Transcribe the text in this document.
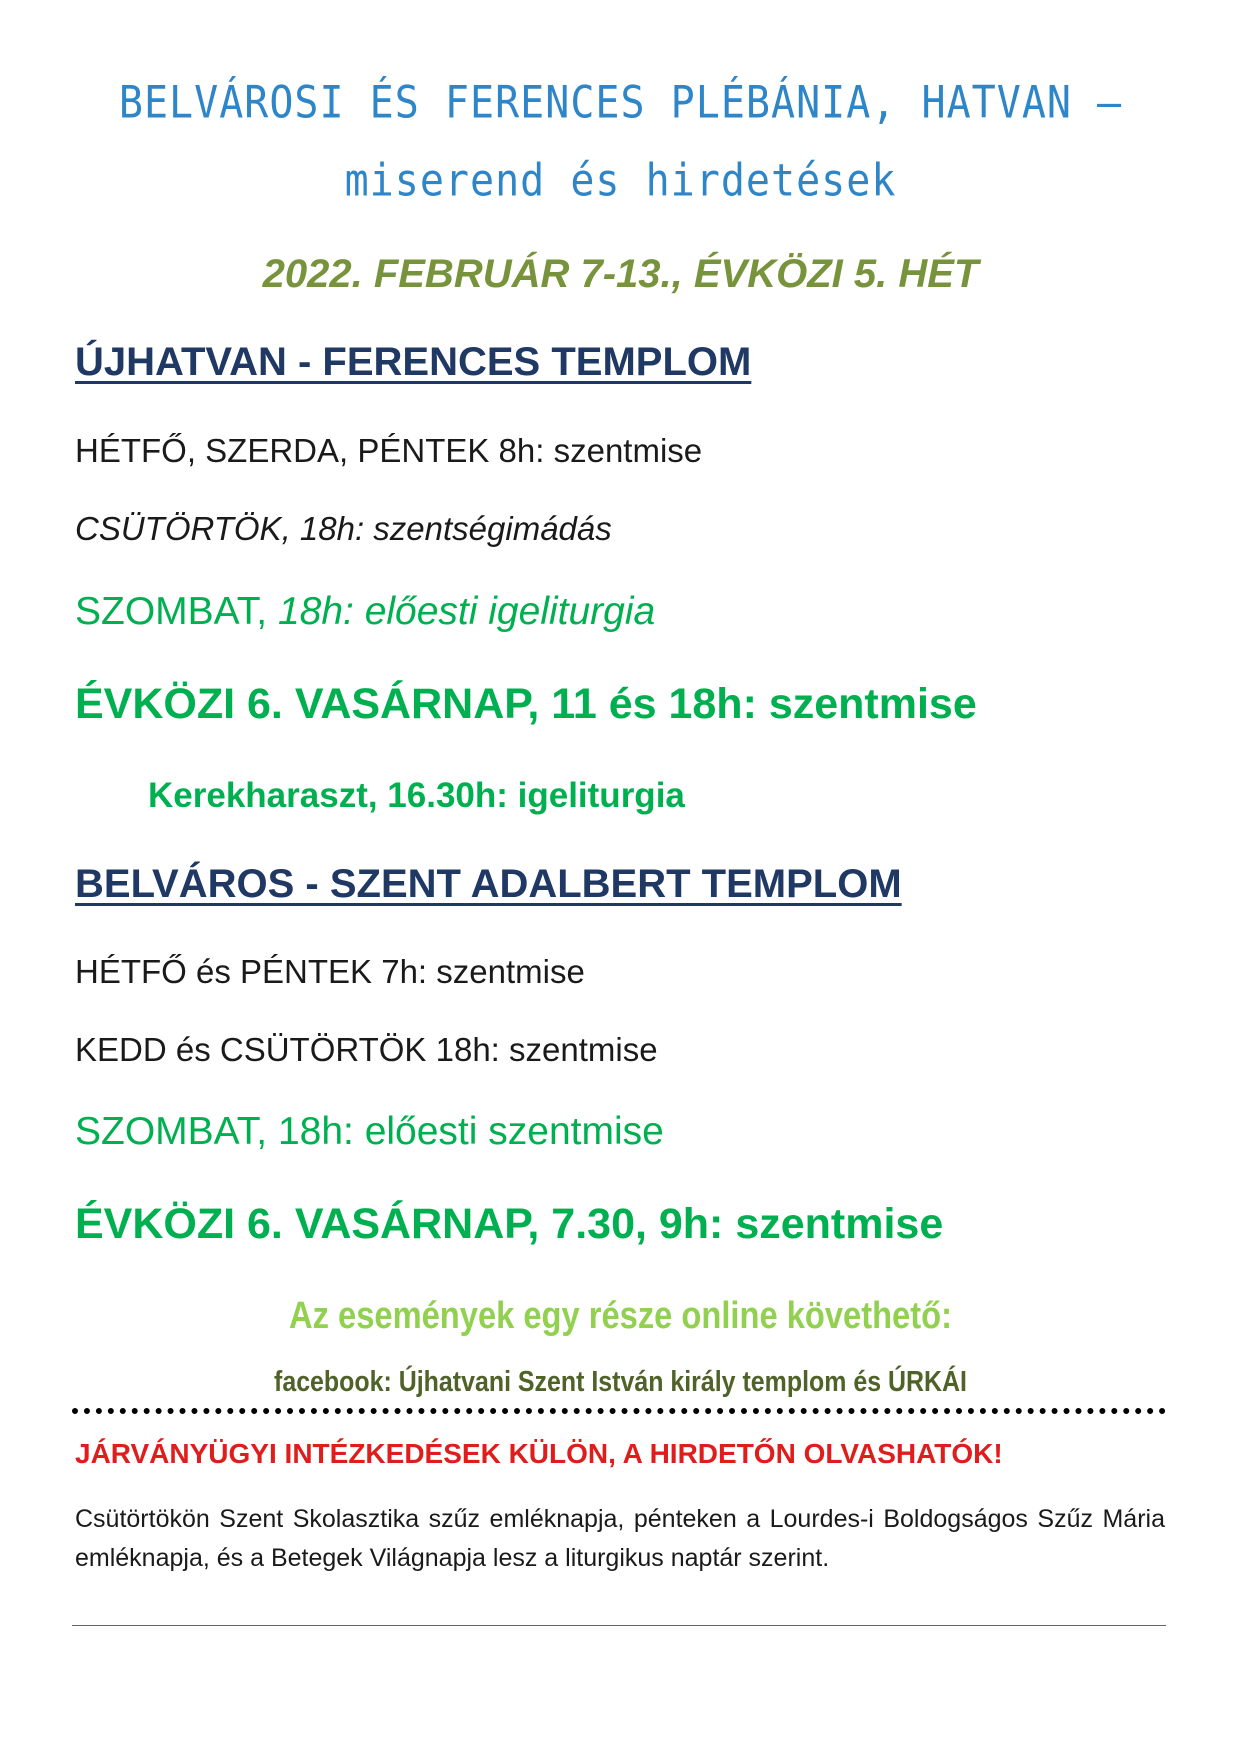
BELVÁROSI ÉS FERENCES PLÉBÁNIA, HATVAN –
miserend és hirdetések
2022. FEBRUÁR 7-13., ÉVKÖZI 5. HÉT
ÚJHATVAN - FERENCES TEMPLOM
HÉTFŐ, SZERDA, PÉNTEK 8h: szentmise
CSÜTÖRTÖK, 18h: szentségimádás
SZOMBAT, 18h: előesti igeliturgia
ÉVKÖZI 6. VASÁRNAP, 11 és 18h: szentmise
Kerekharaszt, 16.30h: igeliturgia
BELVÁROS - SZENT ADALBERT TEMPLOM
HÉTFŐ és PÉNTEK 7h: szentmise
KEDD és CSÜTÖRTÖK 18h: szentmise
SZOMBAT, 18h: előesti szentmise
ÉVKÖZI 6. VASÁRNAP, 7.30, 9h: szentmise
Az események egy része online követhető:
facebook: Újhatvani Szent István király templom és ÚRKÁI
JÁRVÁNYÜGYI INTÉZKEDÉSEK KÜLÖN, A HIRDETŐN OLVASHATÓK!
Csütörtökön Szent Skolasztika szűz emléknapja, pénteken a Lourdes-i Boldogságos Szűz Mária emléknapja, és a Betegek Világnapja lesz a liturgikus naptár szerint.
